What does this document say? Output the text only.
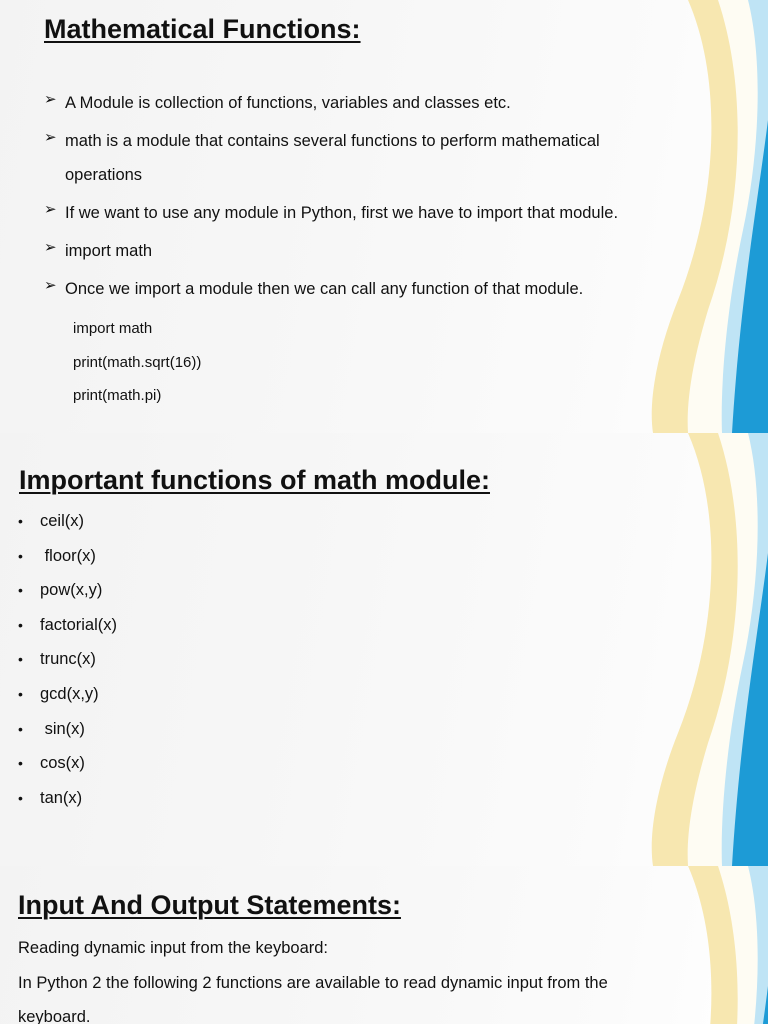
Mathematical Functions:
➢ A Module is collection of functions, variables and classes etc.
➢ math is a module that contains several functions to perform mathematical operations
➢ If we want to use any module in Python, first we have to import that module.
➢ import math
➢ Once we import a module then we can call any function of that module.
import math
print(math.sqrt(16))
print(math.pi)
Important functions of math module:
• ceil(x)
• floor(x)
• pow(x,y)
• factorial(x)
• trunc(x)
• gcd(x,y)
• sin(x)
• cos(x)
• tan(x)
Input And Output Statements:
Reading dynamic input from the keyboard:
In Python 2 the following 2 functions are available to read dynamic input from the keyboard.
